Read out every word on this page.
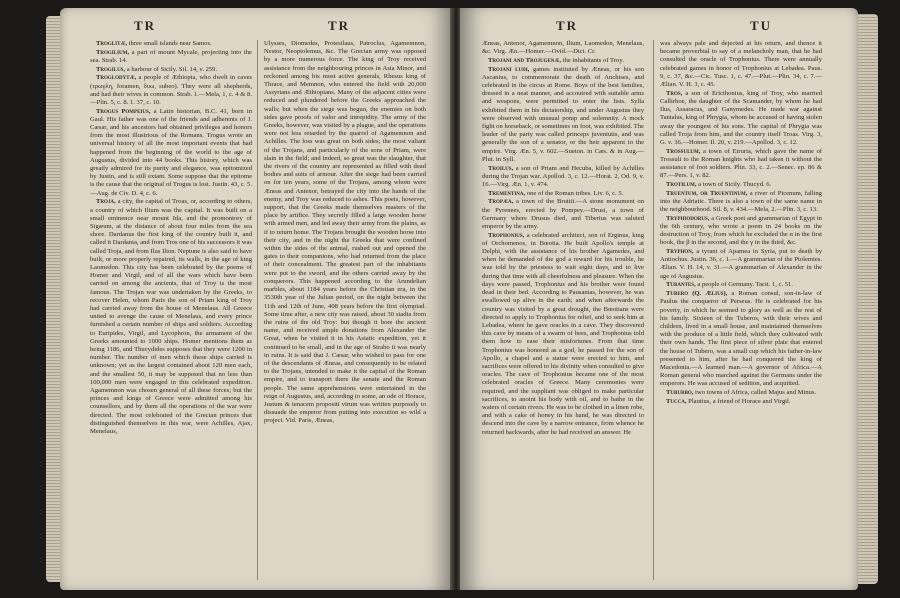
TR	TR

Troglitæ, three small islands near Samos.

Trogilium, a part of mount Mycale, projecting into the sea. Strab. 14.

Trogilus, a harbour of Sicily. Sil. 14, v. 259.

Troglodytæ, a people of Æthiopia, who dwelt in caves (τρωγλη, foramen, δυω, subeo). They were all shepherds, and had their wives in common. Strab. 1.—Mela, 1, c. 4 & 8.—Plin. 5, c. 8. 1. 37, c. 10.

Trogus Pompeius, a Latin historian, B.C. 41, born in Gaul. His father was one of the friends and adherents of J. Cæsar, and his ancestors had obtained privileges and honors from the most illustrious of the Romans. Trogus wrote an universal history of all the most important events that had happened from the beginning of the world to the age of Augustus, divided into 44 books. This history, which was greatly admired for its purity and elegance, was epitomized by Justin, and is still extant. Some suppose that the epitome is the cause that the original of Trogus is lost. Justin. 43, c. 5.—Aug. de Civ. D. 4, c. 6.

Troja, a city, the capital of Troas, or, according to others, a country of which Ilium was the capital. It was built on a small eminence near mount Ida, and the promontory of Sigæum, at the distance of about four miles from the sea shore. Dardanus the first king of the country built it, and called it Dardania, and from Tros one of his successors it was called Troja, and from Ilus Ilion. Neptune is also said to have built, or more properly repaired, its walls, in the age of king Laomedon. This city has been celebrated by the poems of Homer and Virgil, and of all the wars which have been carried on among the ancients, that of Troy is the most famous. The Trojan war was undertaken by the Greeks, to recover Helen, whom Paris the son of Priam king of Troy had carried away from the house of Menelaus. All Greece united to avenge the cause of Menelaus, and every prince furnished a certain number of ships and soldiers. According to Euripides, Virgil, and Lycophron, the armament of the Greeks amounted to 1000 ships. Homer mentions them as being 1186, and Thucydides supposes that they were 1200 in number. The number of men which these ships carried is unknown; yet as the largest contained about 120 men each, and the smallest 50, it may be supposed that no less than 100,000 men were engaged in this celebrated expedition. Agamemnon was chosen general of all these forces; but the princes and kings of Greece were admitted among his counsellors, and by them all the operations of the war were directed. The most celebrated of the Grecian princes that distinguished themselves in this war, were Achilles, Ajax, Menelaus,

Ulysses, Diomedes, Protesilaus, Patroclus, Agamemnon, Nestor, Neoptolemus, &c. The Grecian army was opposed by a more numerous force. The king of Troy received assistance from the neighbouring princes in Asia Minor, and reckoned among his most active generals, Rhesus king of Thrace, and Memnon, who entered the field with 20,000 Assyrians and Æthiopians. Many of the adjacent cities were reduced and plundered before the Greeks approached the walls; but when the siege was begun, the enemies on both sides gave proofs of valor and intrepidity. The army of the Greeks, however, was visited by a plague, and the operations were not less retarded by the quarrel of Agamemnon and Achilles. The loss was great on both sides; the most valiant of the Trojans, and particularly of the sons of Priam, were slain in the field; and indeed, so great was the slaughter, that the rivers of the country are represented as filled with dead bodies and suits of armour. After the siege had been carried on for ten years, some of the Trojans, among whom were Æneas and Antenor, betrayed the city into the hands of the enemy, and Troy was reduced to ashes. This poets, however, support, that the Greeks made themselves masters of the place by artifice. They secretly filled a large wooden horse with armed men, and led away their army from the plains, as if to return home. The Trojans brought the wooden horse into their city, and in the night the Greeks that were confined within the sides of the animal, rushed out and opened the gates to their companions, who had returned from the place of their concealment. The greatest part of the inhabitants were put to the sword, and the others carried away by the conquerors. This happened according to the Arundelian marbles, about 1184 years before the Christian era, in the 3530th year of the Julian period, on the night between the 11th and 12th of June, 408 years before the first olympiad. Some time after, a new city was raised, about 30 stadia from the ruins of the old Troy: but though it bore the ancient name, and received ample donations from Alexander the Great, when he visited it in his Asiatic expedition, yet it continued to be small, and in the age of Strabo it was nearly in ruins. It is said that J. Cæsar, who wished to pass for one of the descendants of Æneas, and consequently to be related to the Trojans, intended to make it the capital of the Roman empire, and to transport there the senate and the Roman people. The same apprehensions were entertained in the reign of Augustus, and, according to some, an ode of Horace, Justum & tenacem propositi virum was written purposely to dissuade the emperor from putting into execution so wild a project. Vid. Paris, Æneas,

TR	TU

Æneas, Antenor, Agamemnon, Ilium, Laomedon, Menelaus, &c. Virg. Æn.—Homer.—Ovid.—Dict. Cr.

Trojani and Trojugenæ, the inhabitants of Troy.

Trojani ludi, games instituted by Æneas, or his son Ascanius, to commemorate the death of Anchises, and celebrated in the circus at Rome. Boys of the best families, dressed in a neat manner, and accoutred with suitable arms and weapons, were permitted to enter the lists. Sylla exhibited them in his dictatorship, and under Augustus they were observed with unusual pomp and solemnity. A mock fight on horseback, or sometimes on foot, was exhibited. The leader of the party was called princeps juventutis, and was generally the son of a senator, or the heir apparent to the empire. Virg. Æn. 5, v. 602.—Sueton. in Cæs. & in Aug.—Plut. in Syll.

Troilus, a son of Priam and Hecuba, killed by Achilles during the Trojan war. Apollod. 3, c. 12.—Horat. 2, Od. 9, v. 16.—Virg. Æn. 1, v. 474.

Trementina, one of the Roman tribes. Liv. 6, c. 5.

Tropæa, a town of the Bruttii.—A stone monument on the Pyrenees, erected by Pompey.—Drusi, a town of Germany where Drusus died, and Tiberius was saluted emperor by the army.

Trophonius, a celebrated architect, son of Erginus, king of Orchomenos, in Bœotia. He built Apollo's temple at Delphi, with the assistance of his brother Agamedes, and when he demanded of the god a reward for his trouble, he was told by the priestess to wait eight days, and to live during that time with all cheerfulness and pleasure. When the days were passed, Trophonius and his brother were found dead in their bed. According to Pausanias, however, he was swallowed up alive in the earth; and when afterwards the country was visited by a great drought, the Bœotians were directed to apply to Trophonius for relief, and to seek him at Lebadea, where he gave oracles in a cave. They discovered this cave by means of a swarm of bees, and Trophonius told them how to ease their misfortunes. From that time Trophonius was honored as a god, he passed for the son of Apollo, a chapel and a statue were erected to him, and sacrifices were offered to his divinity when consulted to give oracles. The cave of Trophonius became one of the most celebrated oracles of Greece. Many ceremonies were required, and the suppliant was obliged to make particular sacrifices, to anoint his body with oil, and to bathe in the waters of certain rivers. He was to be clothed in a linen robe, and with a cake of honey in his hand, he was directed to descend into the cave by a narrow entrance, from whence he returned backwards, after he had received an answer. He

was always pale and dejected at his return, and thence it became proverbial to say of a melancholy man, that he had consulted the oracle of Trophonius. There were annually celebrated games in honor of Trophonius at Lebadea. Paus. 9, c. 37, &c.—Cic. Tusc. 1, c. 47.—Plut.—Plin. 34, c. 7.—Ælian. V. H. 3, c. 45.

Tros, a son of Ericthonius, king of Troy, who married Callirhoe, the daughter of the Scamander, by whom he had Ilus, Assaracus, and Ganymedes. He made war against Tantalus, king of Phrygia, whom he accused of having stolen away the youngest of his sons. The capital of Phrygia was called Troja from him, and the country itself Troas. Virg. 3, G. v. 36.—Homer. Il. 20, v. 219.—Apollod. 3, c. 12.

Trossulum, a town of Etruria, which gave the name of Trossuli to the Roman knights who had taken it without the assistance of foot soldiers. Plin. 33, c. 2.—Senec. ep. 86 & 87.—Pers. 1, v. 82.

Trotilum, a town of Sicily. Thucyd. 6.

Truentum, or Truentinum, a river of Picenum, falling into the Adriatic. There is also a town of the same name in the neighbourhood. Sil. 8, v. 434.—Mela, 2.—Plin. 3, c. 13.

Tryphiodorus, a Greek poet and grammarian of Egypt in the 6th century, who wrote a poem in 24 books on the destruction of Troy, from which he excluded the α in the first book, the β in the second, and the γ in the third, &c.

Tryphon, a tyrant of Apamea in Syria, put to death by Antiochus. Justin. 36, c. 1.—A grammarian of the Ptolemies. Ælian. V. H. 14, v. 31.—A grammarian of Alexander in the age of Augustus.

Tubantes, a people of Germany. Tacit. 1, c. 51.

Tubero (Q. Ælius), a Roman consul, son-in-law of Paulus the conqueror of Perseus. He is celebrated for his poverty, in which he seemed to glory as well as the rest of his family. Sixteen of the Tuberos, with their wives and children, lived in a small house, and maintained themselves with the produce of a little field, which they cultivated with their own hands. The first piece of silver plate that entered the house of Tubero, was a small cup which his father-in-law presented to him, after he had conquered the king of Macedonia.—A learned man.—A governor of Africa.—A Roman general who marched against the Germans under the emperors. He was accused of sedition, and acquitted.

Tuburbo, two towns of Africa, called Majus and Minus.

Tucca, Plautius, a friend of Horace and Virgil.
